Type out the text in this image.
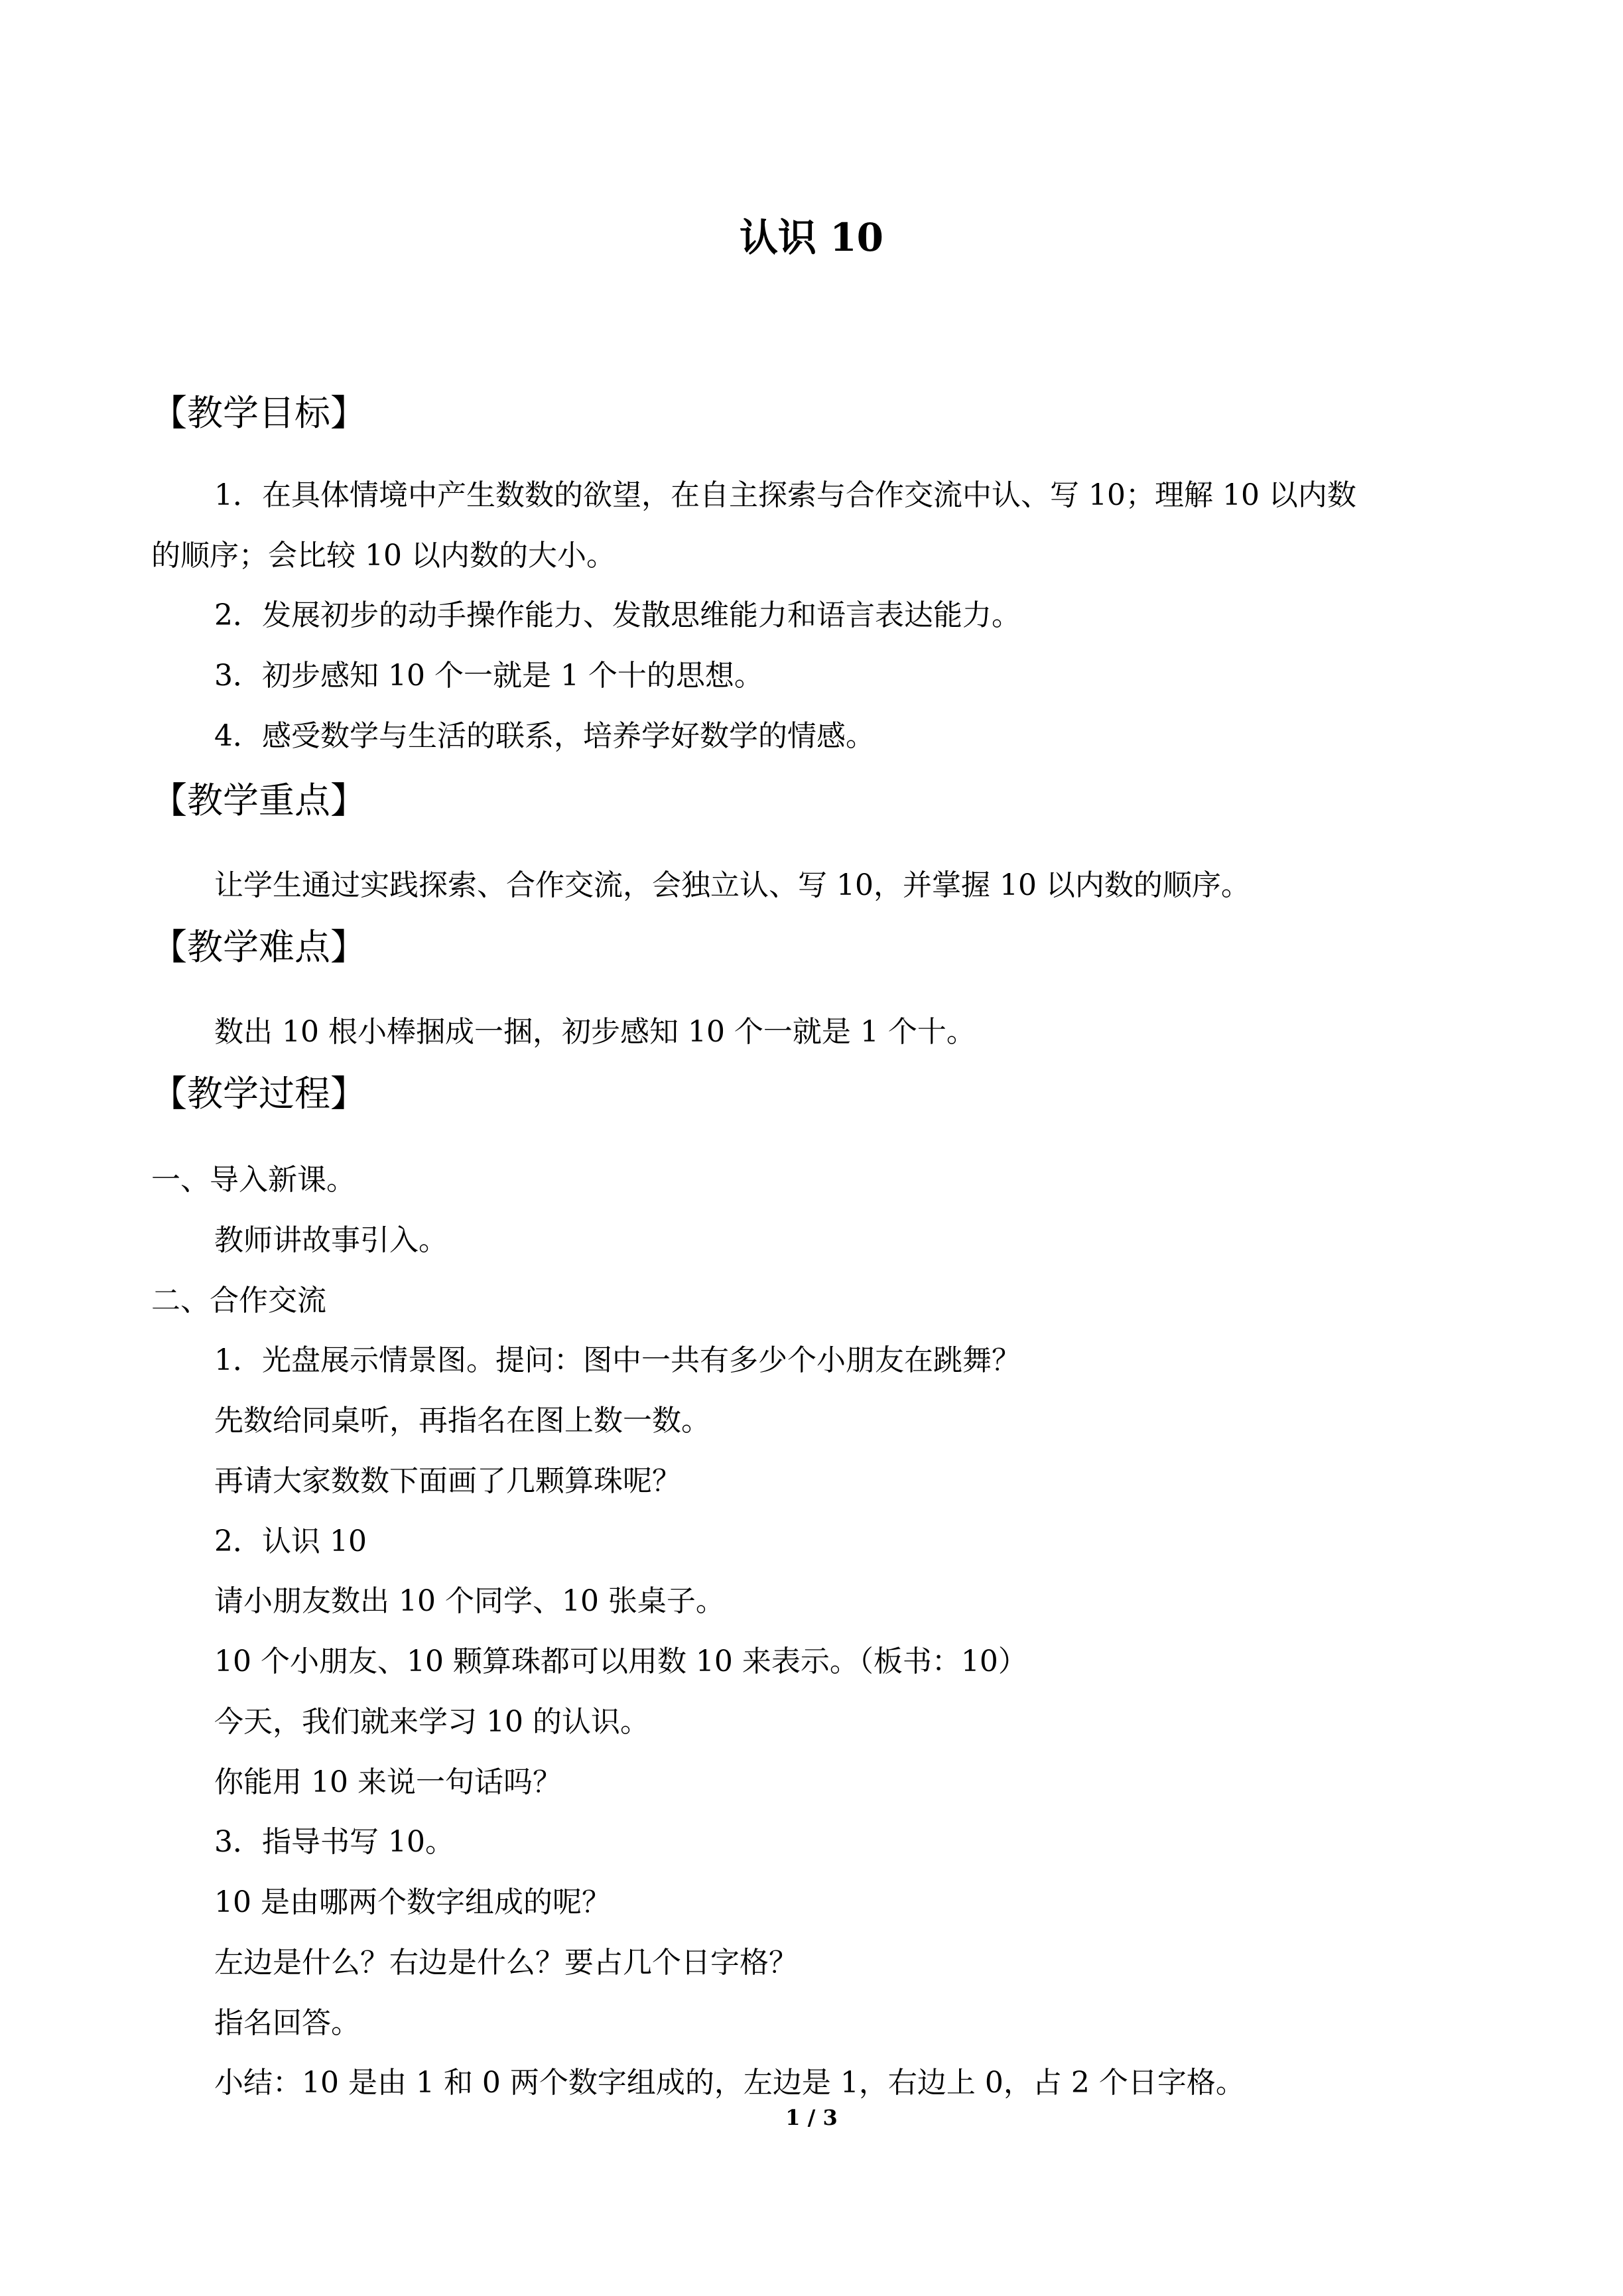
认识 10
【教学目标】
1．在具体情境中产生数数的欲望，在自主探索与合作交流中认、写 10；理解 10 以内数
的顺序；会比较 10 以内数的大小。
2．发展初步的动手操作能力、发散思维能力和语言表达能力。
3．初步感知 10 个一就是 1 个十的思想。
4．感受数学与生活的联系，培养学好数学的情感。
【教学重点】
让学生通过实践探索、合作交流，会独立认、写 10，并掌握 10 以内数的顺序。
【教学难点】
数出 10 根小棒捆成一捆，初步感知 10 个一就是 1 个十。
【教学过程】
一、导入新课。
教师讲故事引入。
二、合作交流
1．光盘展示情景图。提问：图中一共有多少个小朋友在跳舞？
先数给同桌听，再指名在图上数一数。
再请大家数数下面画了几颗算珠呢？
2．认识 10
请小朋友数出 10 个同学、10 张桌子。
10 个小朋友、10 颗算珠都可以用数 10 来表示。（板书：10）
今天，我们就来学习 10 的认识。
你能用 10 来说一句话吗？
3．指导书写 10。
10 是由哪两个数字组成的呢？
左边是什么？右边是什么？要占几个日字格？
指名回答。
小结：10 是由 1 和 0 两个数字组成的，左边是 1，右边上 0，占 2 个日字格。
1 / 3
